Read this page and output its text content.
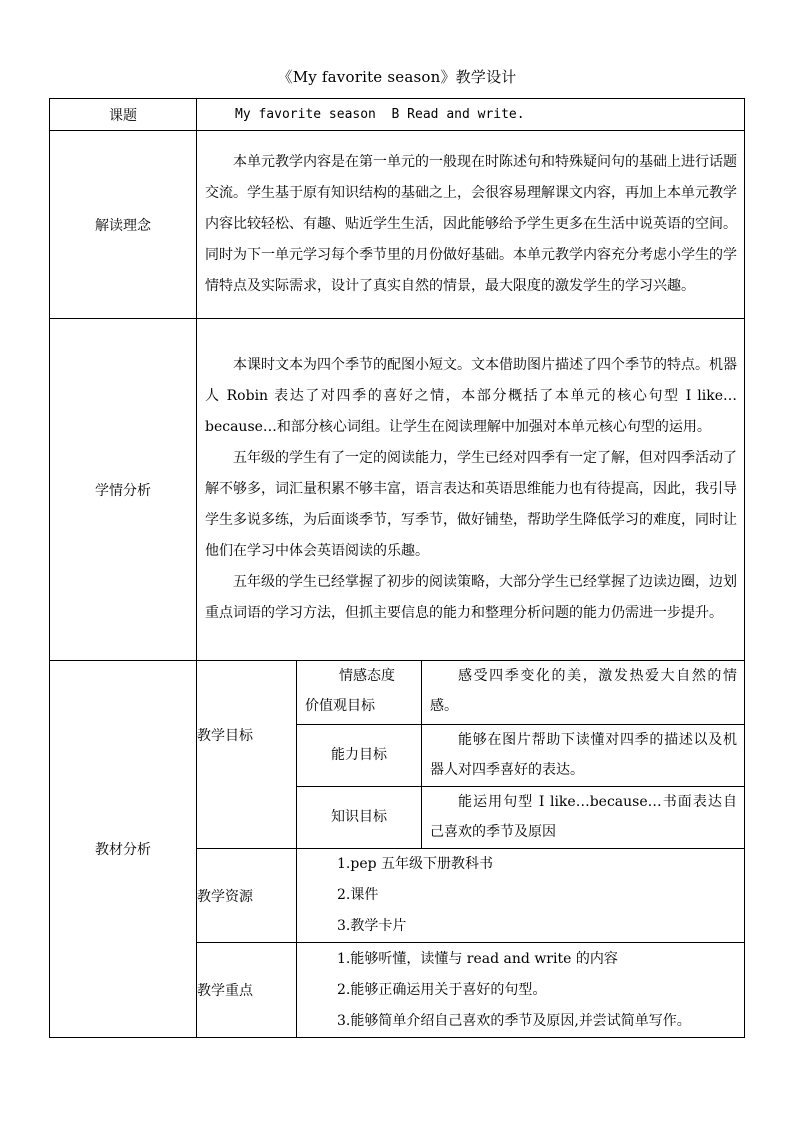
《My favorite season》教学设计
课题	My favorite season  B Read and write.		
解读理念	本单元教学内容是在第一单元的一般现在时陈述句和特殊疑问句的基础上进行话题交流。学生基于原有知识结构的基础之上，会很容易理解课文内容，再加上本单元教学内容比较轻松、有趣、贴近学生生活，因此能够给予学生更多在生活中说英语的空间。同时为下一单元学习每个季节里的月份做好基础。本单元教学内容充分考虑小学生的学情特点及实际需求，设计了真实自然的情景，最大限度的激发学生的学习兴趣。		

学情分析	本课时文本为四个季节的配图小短文。文本借助图片描述了四个季节的特点。机器人 Robin 表达了对四季的喜好之情，本部分概括了本单元的核心句型 I like…because…和部分核心词组。让学生在阅读理解中加强对本单元核心句型的运用。

五年级的学生有了一定的阅读能力，学生已经对四季有一定了解，但对四季活动了解不够多，词汇量积累不够丰富，语言表达和英语思维能力也有待提高，因此，我引导学生多说多练，为后面谈季节，写季节，做好铺垫，帮助学生降低学习的难度，同时让他们在学习中体会英语阅读的乐趣。

五年级的学生已经掌握了初步的阅读策略，大部分学生已经掌握了边读边圈，边划重点词语的学习方法，但抓主要信息的能力和整理分析问题的能力仍需进一步提升。		

教材分析	教学目标	情感态度
价值观目标	感受四季变化的美，激发热爱大自然的情感。

		能力目标	能够在图片帮助下读懂对四季的描述以及机器人对四季喜好的表达。

		知识目标	能运用句型 I like…because…书面表达自己喜欢的季节及原因

	教学资源	1.pep 五年级下册教科书

2.课件

3.教学卡片	

	教学重点	1.能够听懂，读懂与 read and write 的内容

2.能够正确运用关于喜好的句型。

3.能够简单介绍自己喜欢的季节及原因,并尝试简单写作。	
